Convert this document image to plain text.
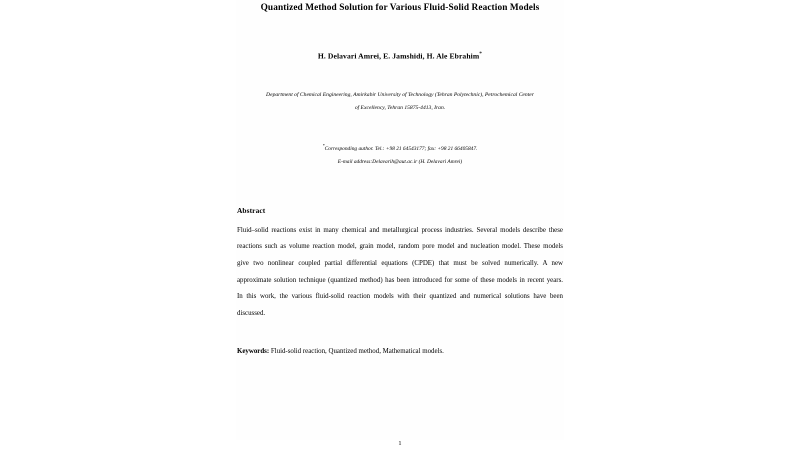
Quantized Method Solution for Various Fluid-Solid Reaction Models
H. Delavari Amrei, E. Jamshidi, H. Ale Ebrahim*
Department of Chemical Engineering, Amirkabir University of Technology (Tehran Polytechnic), Petrochemical Center
of Excellency, Tehran 15875-4413, Iran.
*Corresponding author. Tel.: +98 21 64543177; fax: +98 21 66405847.
E-mail address:Delavarih@aut.ac.ir (H. Delavari Amrei)
Abstract
Fluid–solid reactions exist in many chemical and metallurgical process industries. Several models describe these reactions such as volume reaction model, grain model, random pore model and nucleation model. These models give two nonlinear coupled partial differential equations (CPDE) that must be solved numerically. A new approximate solution technique (quantized method) has been introduced for some of these models in recent years. In this work, the various fluid-solid reaction models with their quantized and numerical solutions have been discussed.
Keywords: Fluid-solid reaction, Quantized method, Mathematical models.
1
